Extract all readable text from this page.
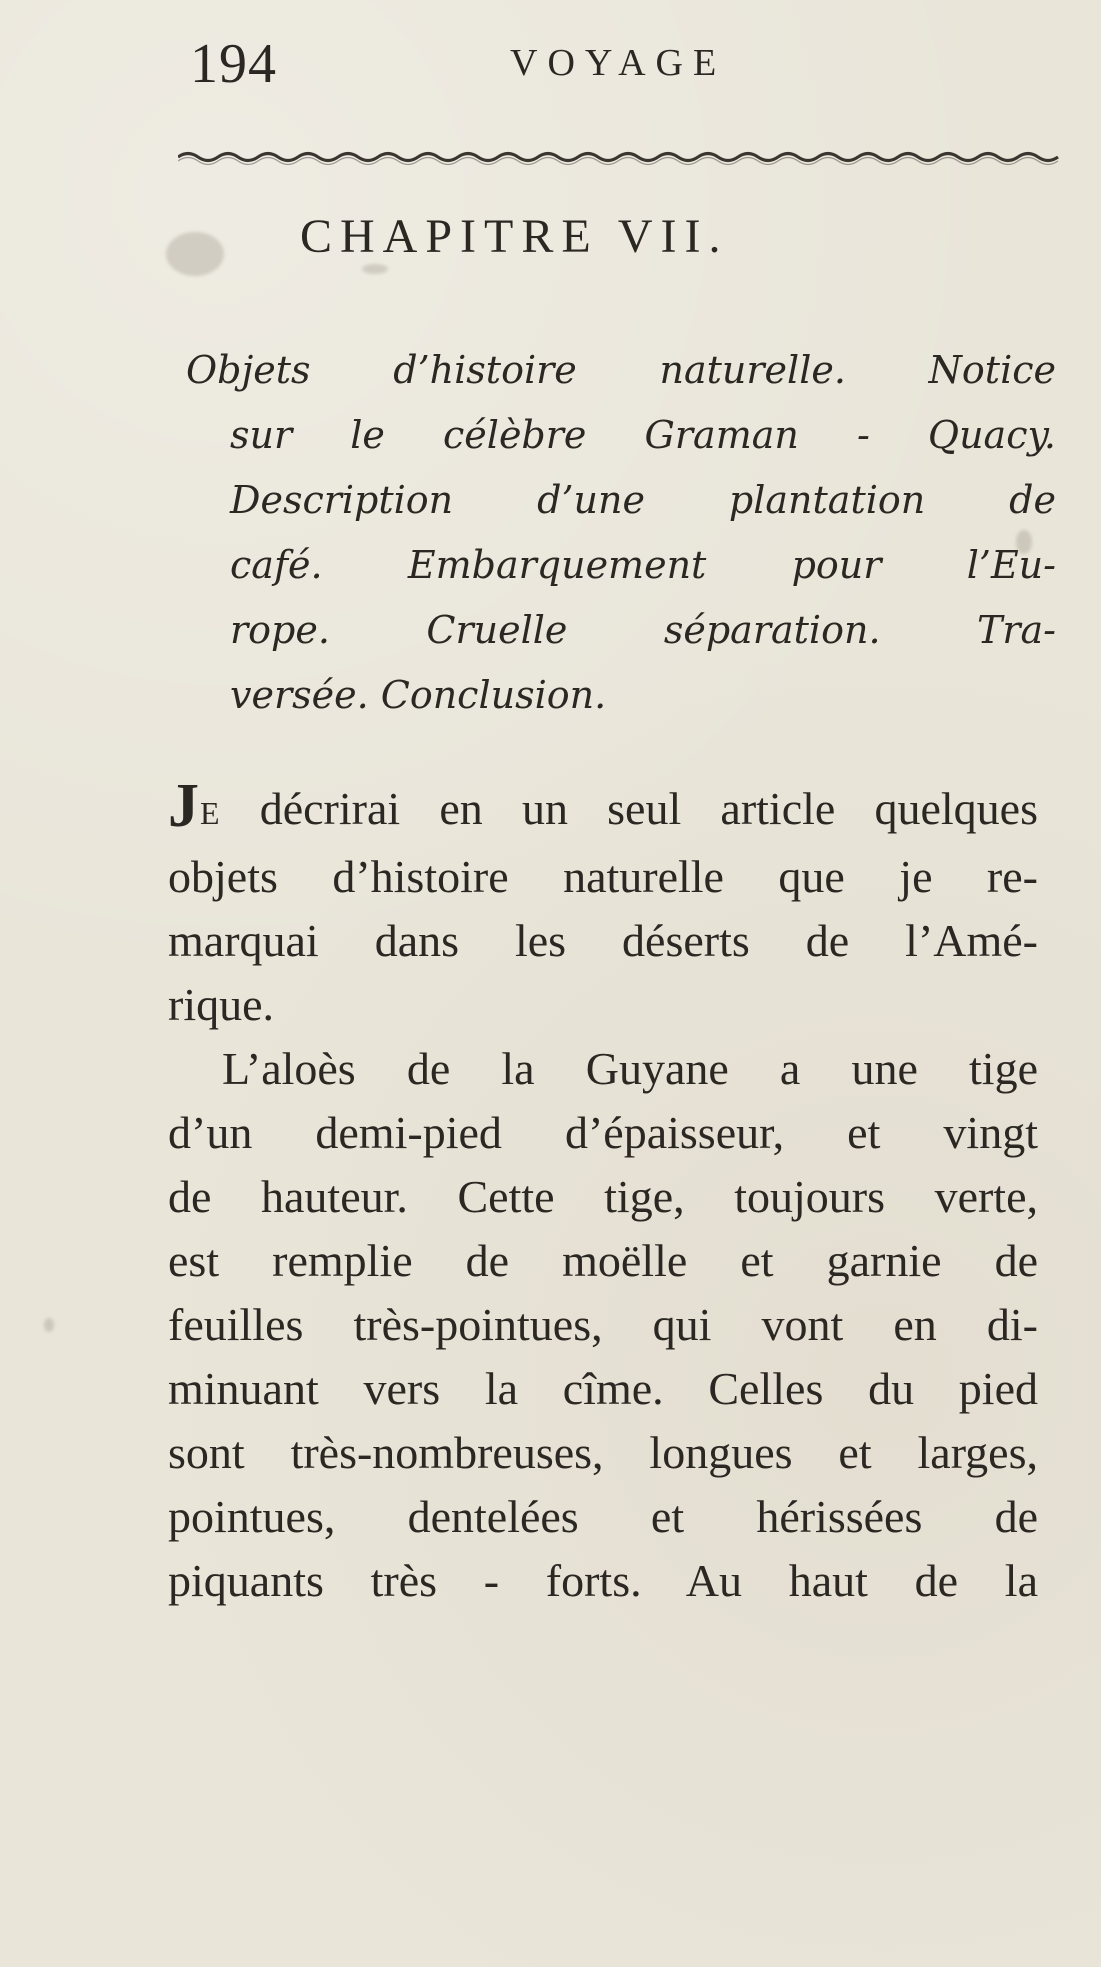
194	VOYAGE
CHAPITRE VII.
Objets d’histoire naturelle. Notice
sur le célèbre Graman - Quacy.
Description d’une plantation de
café. Embarquement pour l’Eu-
rope. Cruelle séparation. Tra-
versée. Conclusion.
JE décrirai en un seul article quelques
objets d’histoire naturelle que je re-
marquai dans les déserts de l’Amé-
rique.
L’aloès de la Guyane a une tige
d’un demi-pied d’épaisseur, et vingt
de hauteur. Cette tige, toujours verte,
est remplie de moëlle et garnie de
feuilles très-pointues, qui vont en di-
minuant vers la cîme. Celles du pied
sont très-nombreuses, longues et larges,
pointues, dentelées et hérissées de
piquants très - forts. Au haut de la
